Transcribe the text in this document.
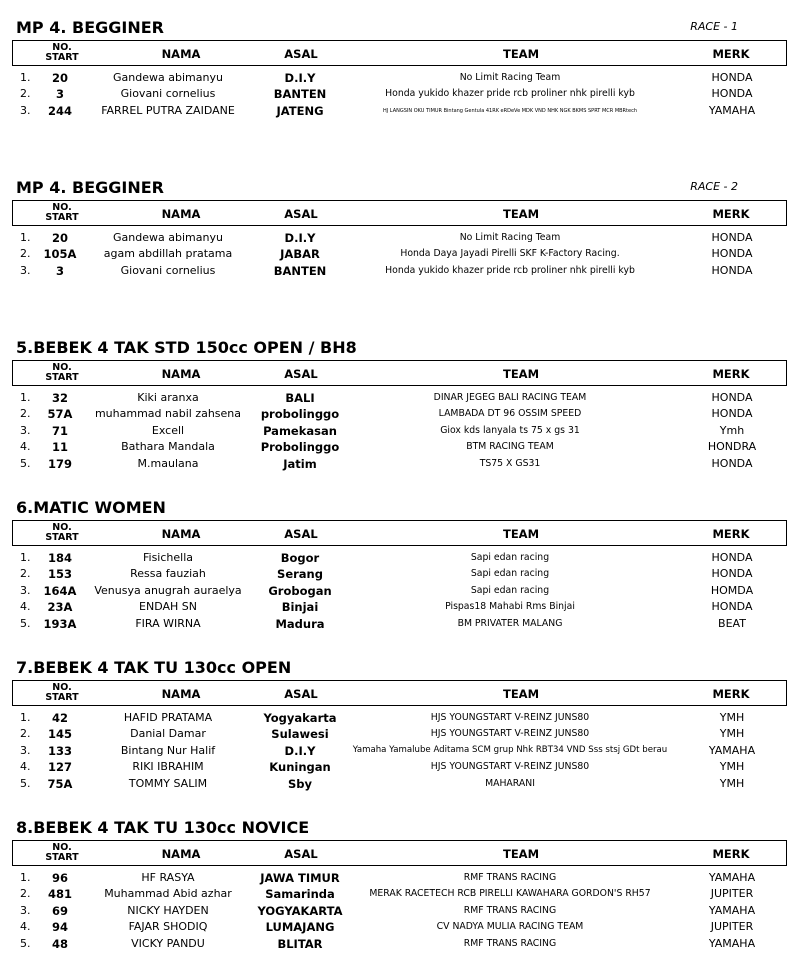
MP 4. BEGGINER	RACE - 1
NO.
START	NAMA	ASAL	TEAM	MERK
1.	20	Gandewa abimanyu	D.I.Y	No Limit Racing Team	HONDA
2.	3	Giovani cornelius	BANTEN	Honda yukido khazer pride rcb proliner nhk pirelli kyb	HONDA
3.	244	FARREL PUTRA ZAIDANE	JATENG	HJ LANGSIN OKU TIMUR Bintang Gentula 41RK eRDeVe MDK VND NHK NGK BKMS SPRT MCR MBRtech	YAMAHA
MP 4. BEGGINER	RACE - 2
NO.
START	NAMA	ASAL	TEAM	MERK
1.	20	Gandewa abimanyu	D.I.Y	No Limit Racing Team	HONDA
2.	105A	agam abdillah pratama	JABAR	Honda Daya Jayadi Pirelli SKF K-Factory Racing.	HONDA
3.	3	Giovani cornelius	BANTEN	Honda yukido khazer pride rcb proliner nhk pirelli kyb	HONDA
5.BEBEK 4 TAK STD 150cc OPEN / BH8
NO.
START	NAMA	ASAL	TEAM	MERK
1.	32	Kiki aranxa	BALI	DINAR JEGEG BALI RACING TEAM	HONDA
2.	57A	muhammad nabil zahsena	probolinggo	LAMBADA DT 96 OSSIM SPEED	HONDA
3.	71	Excell	Pamekasan	Giox kds lanyala ts 75 x gs 31	Ymh
4.	11	Bathara Mandala	Probolinggo	BTM RACING TEAM	HONDRA
5.	179	M.maulana	Jatim	TS75 X GS31	HONDA
6.MATIC WOMEN
NO.
START	NAMA	ASAL	TEAM	MERK
1.	184	Fisichella	Bogor	Sapi edan racing	HONDA
2.	153	Ressa fauziah	Serang	Sapi edan racing	HONDA
3.	164A	Venusya anugrah auraelya	Grobogan	Sapi edan racing	HOMDA
4.	23A	ENDAH SN	Binjai	Pispas18 Mahabi Rms Binjai	HONDA
5.	193A	FIRA WIRNA	Madura	BM PRIVATER MALANG	BEAT
7.BEBEK 4 TAK TU 130cc OPEN
NO.
START	NAMA	ASAL	TEAM	MERK
1.	42	HAFID PRATAMA	Yogyakarta	HJS YOUNGSTART V-REINZ JUNS80	YMH
2.	145	Danial Damar	Sulawesi	HJS YOUNGSTART V-REINZ JUNS80	YMH
3.	133	Bintang Nur Halif	D.I.Y	Yamaha Yamalube Aditama SCM grup Nhk RBT34 VND Sss stsj GDt berau	YAMAHA
4.	127	RIKI IBRAHIM	Kuningan	HJS YOUNGSTART V-REINZ JUNS80	YMH
5.	75A	TOMMY SALIM	Sby	MAHARANI	YMH
8.BEBEK 4 TAK TU 130cc NOVICE
NO.
START	NAMA	ASAL	TEAM	MERK
1.	96	HF RASYA	JAWA TIMUR	RMF TRANS RACING	YAMAHA
2.	481	Muhammad Abid azhar	Samarinda	MERAK RACETECH RCB PIRELLI KAWAHARA GORDON'S RH57	JUPITER
3.	69	NICKY HAYDEN	YOGYAKARTA	RMF TRANS RACING	YAMAHA
4.	94	FAJAR SHODIQ	LUMAJANG	CV NADYA MULIA RACING TEAM	JUPITER
5.	48	VICKY PANDU	BLITAR	RMF TRANS RACING	YAMAHA
